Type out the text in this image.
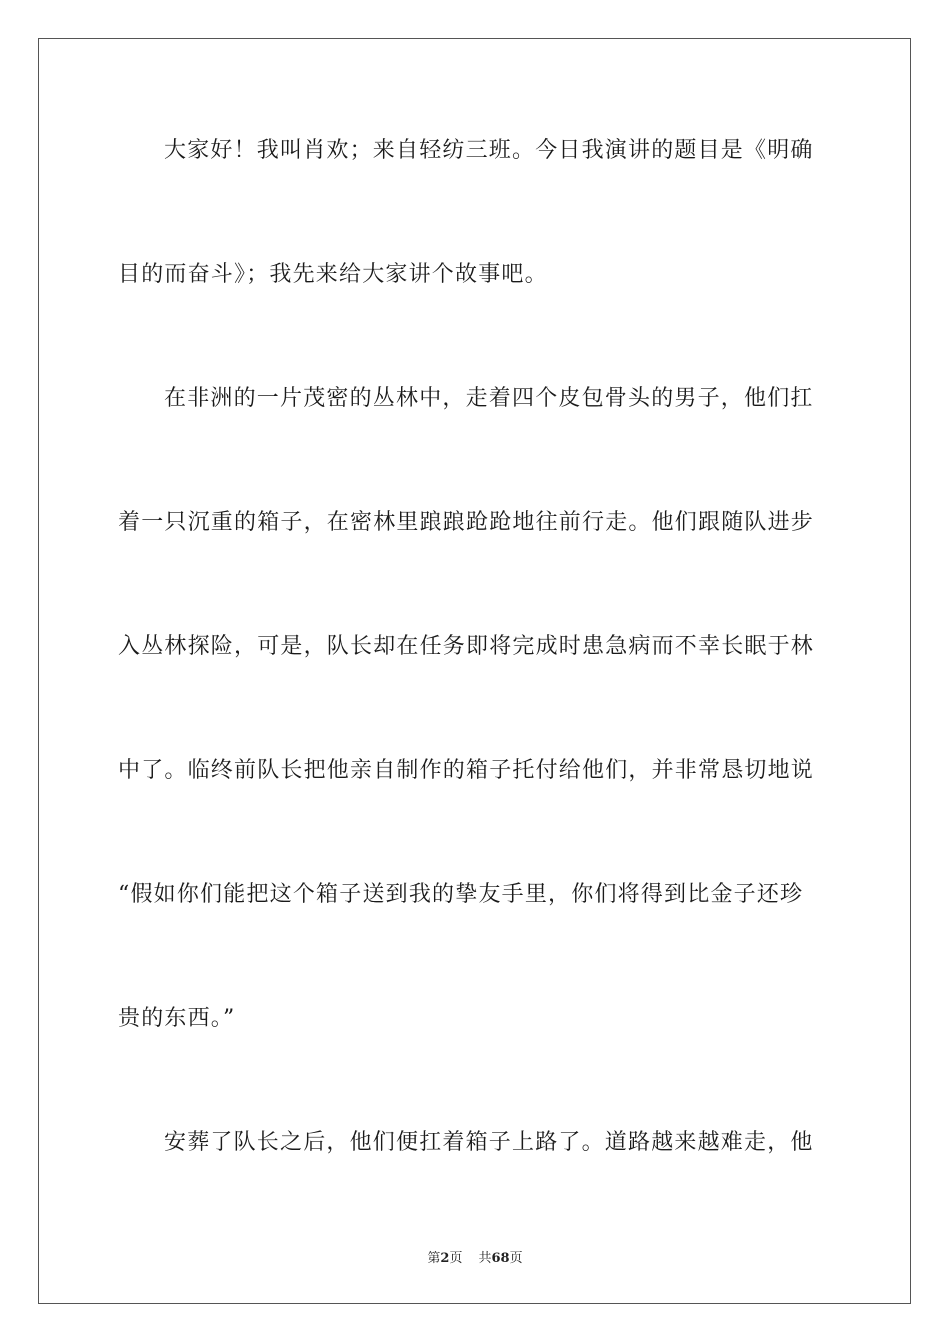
大家好！我叫肖欢；来自轻纺三班。今日我演讲的题目是《明确
目的而奋斗》；我先来给大家讲个故事吧。
在非洲的一片茂密的丛林中，走着四个皮包骨头的男子，他们扛
着一只沉重的箱子，在密林里踉踉跄跄地往前行走。他们跟随队进步
入丛林探险，可是，队长却在任务即将完成时患急病而不幸长眠于林
中了。临终前队长把他亲自制作的箱子托付给他们，并非常恳切地说
“假如你们能把这个箱子送到我的挚友手里，你们将得到比金子还珍
贵的东西。”
安葬了队长之后，他们便扛着箱子上路了。道路越来越难走，他
第2页 共68页
